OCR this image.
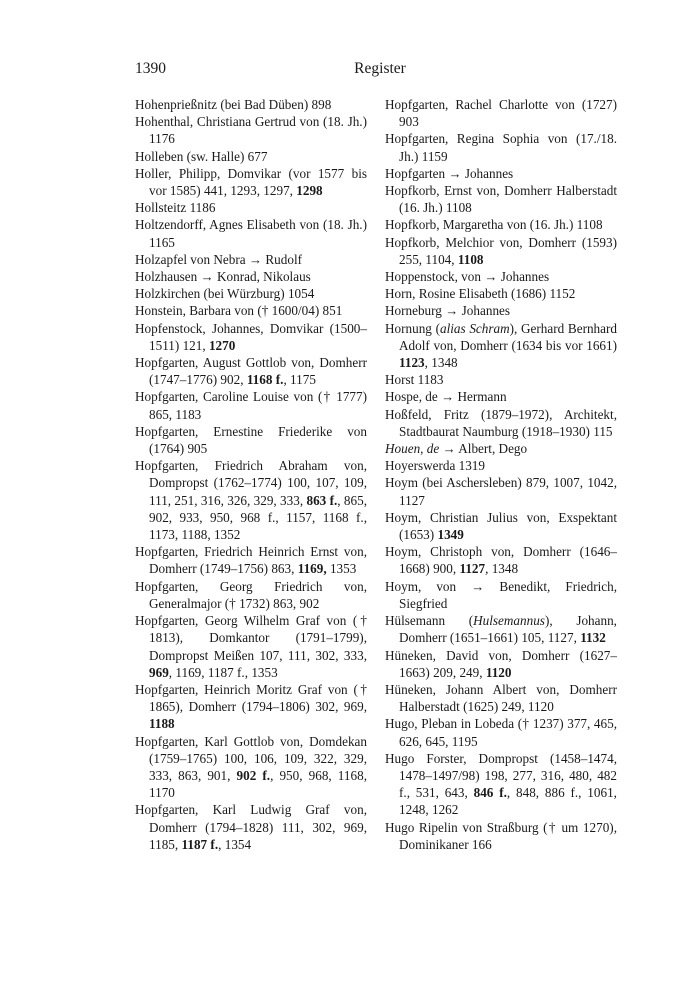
1390	Register

Hohenprießnitz (bei Bad Düben) 898

Hohenthal, Christiana Gertrud von (18. Jh.) 1176

Holleben (sw. Halle) 677

Holler, Philipp, Domvikar (vor 1577 bis vor 1585) 441, 1293, 1297, 1298

Hollsteitz 1186

Holtzendorff, Agnes Elisabeth von (18. Jh.) 1165

Holzapfel von Nebra → Rudolf

Holzhausen → Konrad, Nikolaus

Holzkirchen (bei Würzburg) 1054

Honstein, Barbara von († 1600/04) 851

Hopfenstock, Johannes, Domvikar (1500–1511) 121, 1270

Hopfgarten, August Gottlob von, Domherr (1747–1776) 902, 1168 f., 1175

Hopfgarten, Caroline Louise von († 1777) 865, 1183

Hopfgarten, Ernestine Friederike von (1764) 905

Hopfgarten, Friedrich Abraham von, Dompropst (1762–1774) 100, 107, 109, 111, 251, 316, 326, 329, 333, 863 f., 865, 902, 933, 950, 968 f., 1157, 1168 f., 1173, 1188, 1352

Hopfgarten, Friedrich Heinrich Ernst von, Domherr (1749–1756) 863, 1169, 1353

Hopfgarten, Georg Friedrich von, Generalmajor († 1732) 863, 902

Hopfgarten, Georg Wilhelm Graf von († 1813), Domkantor (1791–1799), Dompropst Meißen 107, 111, 302, 333, 969, 1169, 1187 f., 1353

Hopfgarten, Heinrich Moritz Graf von († 1865), Domherr (1794–1806) 302, 969, 1188

Hopfgarten, Karl Gottlob von, Domdekan (1759–1765) 100, 106, 109, 322, 329, 333, 863, 901, 902 f., 950, 968, 1168, 1170

Hopfgarten, Karl Ludwig Graf von, Domherr (1794–1828) 111, 302, 969, 1185, 1187 f., 1354

Hopfgarten, Rachel Charlotte von (1727) 903

Hopfgarten, Regina Sophia von (17./18. Jh.) 1159

Hopfgarten → Johannes

Hopfkorb, Ernst von, Domherr Halberstadt (16. Jh.) 1108

Hopfkorb, Margaretha von (16. Jh.) 1108

Hopfkorb, Melchior von, Domherr (1593) 255, 1104, 1108

Hoppenstock, von → Johannes

Horn, Rosine Elisabeth (1686) 1152

Horneburg → Johannes

Hornung (alias Schram), Gerhard Bernhard Adolf von, Domherr (1634 bis vor 1661) 1123, 1348

Horst 1183

Hospe, de → Hermann

Hoßfeld, Fritz (1879–1972), Architekt, Stadtbaurat Naumburg (1918–1930) 115

Houen, de → Albert, Dego

Hoyerswerda 1319

Hoym (bei Aschersleben) 879, 1007, 1042, 1127

Hoym, Christian Julius von, Exspektant (1653) 1349

Hoym, Christoph von, Domherr (1646–1668) 900, 1127, 1348

Hoym, von → Benedikt, Friedrich, Siegfried

Hülsemann (Hulsemannus), Johann, Domherr (1651–1661) 105, 1127, 1132

Hüneken, David von, Domherr (1627–1663) 209, 249, 1120

Hüneken, Johann Albert von, Domherr Halberstadt (1625) 249, 1120

Hugo, Pleban in Lobeda († 1237) 377, 465, 626, 645, 1195

Hugo Forster, Dompropst (1458–1474, 1478–1497/98) 198, 277, 316, 480, 482 f., 531, 643, 846 f., 848, 886 f., 1061, 1248, 1262

Hugo Ripelin von Straßburg († um 1270), Dominikaner 166
